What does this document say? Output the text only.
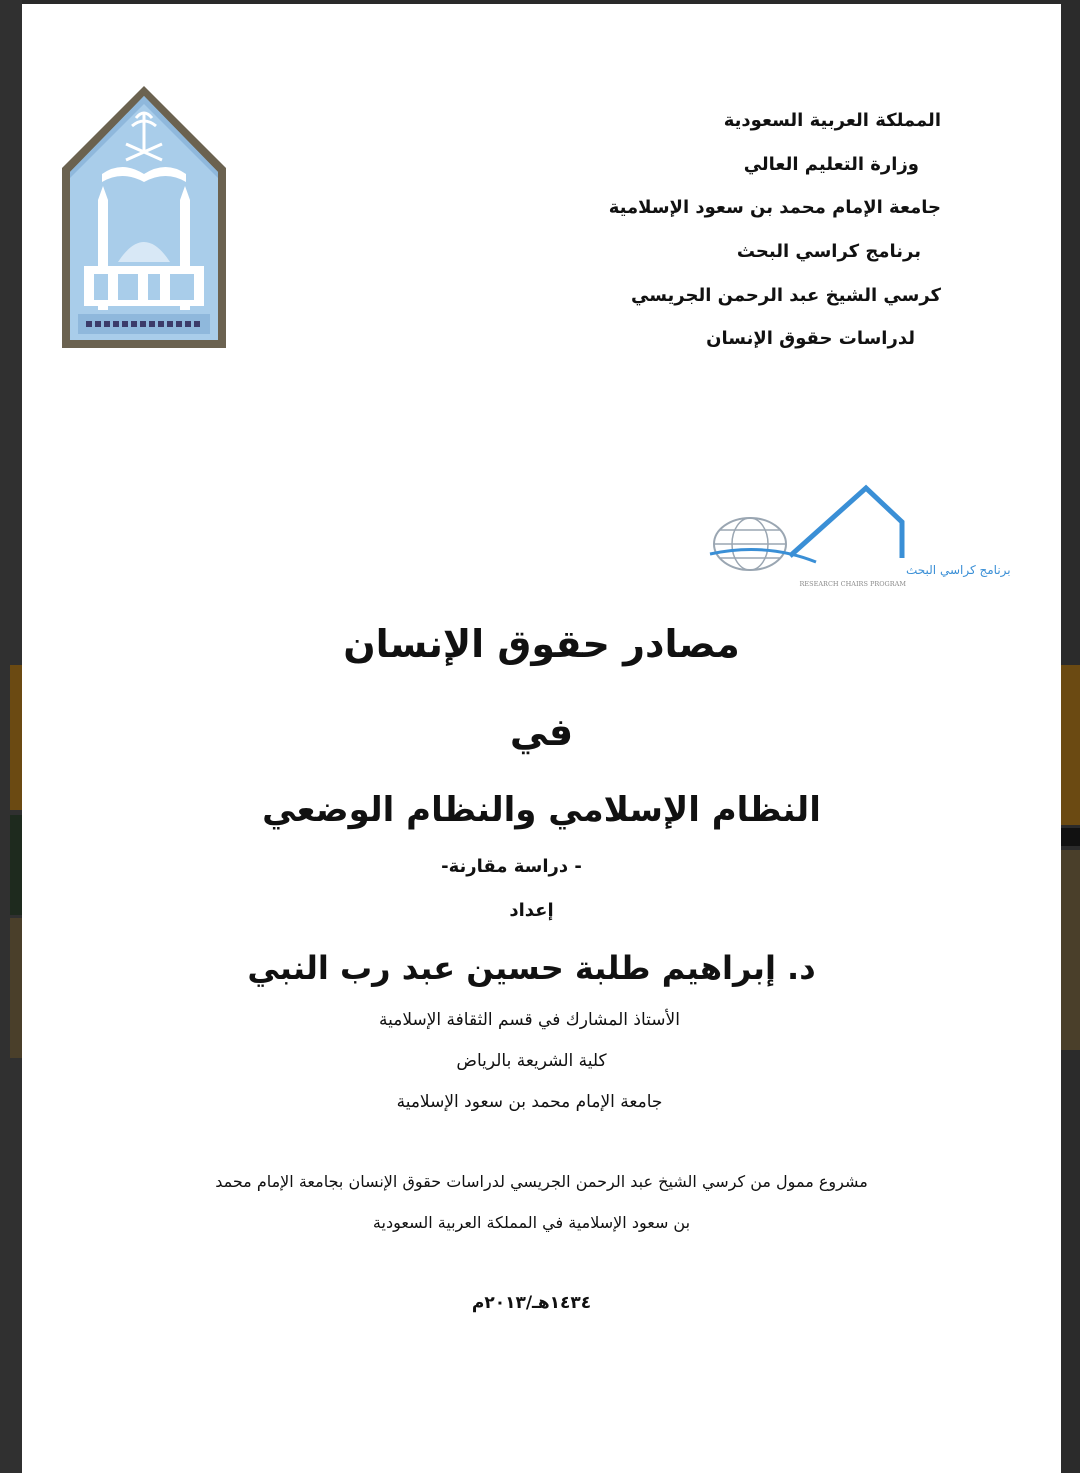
المملكة العربية السعودية
وزارة التعليم العالي
جامعة الإمام محمد بن سعود الإسلامية
برنامج كراسي البحث
كرسي الشيخ عبد الرحمن الجريسي
لدراسات حقوق الإنسان
برنامج كراسي البحث
RESEARCH CHAIRS PROGRAM
مصادر حقوق الإنسان
في
النظام الإسلامي والنظام الوضعي
- دراسة مقارنة-
إعداد
د. إبراهيم طلبة حسين عبد رب النبي
الأستاذ المشارك في قسم الثقافة الإسلامية
كلية الشريعة بالرياض
جامعة الإمام محمد بن سعود الإسلامية
مشروع ممول من كرسي الشيخ عبد الرحمن الجريسي لدراسات حقوق الإنسان بجامعة الإمام محمد
بن سعود الإسلامية في المملكة العربية السعودية
١٤٣٤هـ/٢٠١٣م
